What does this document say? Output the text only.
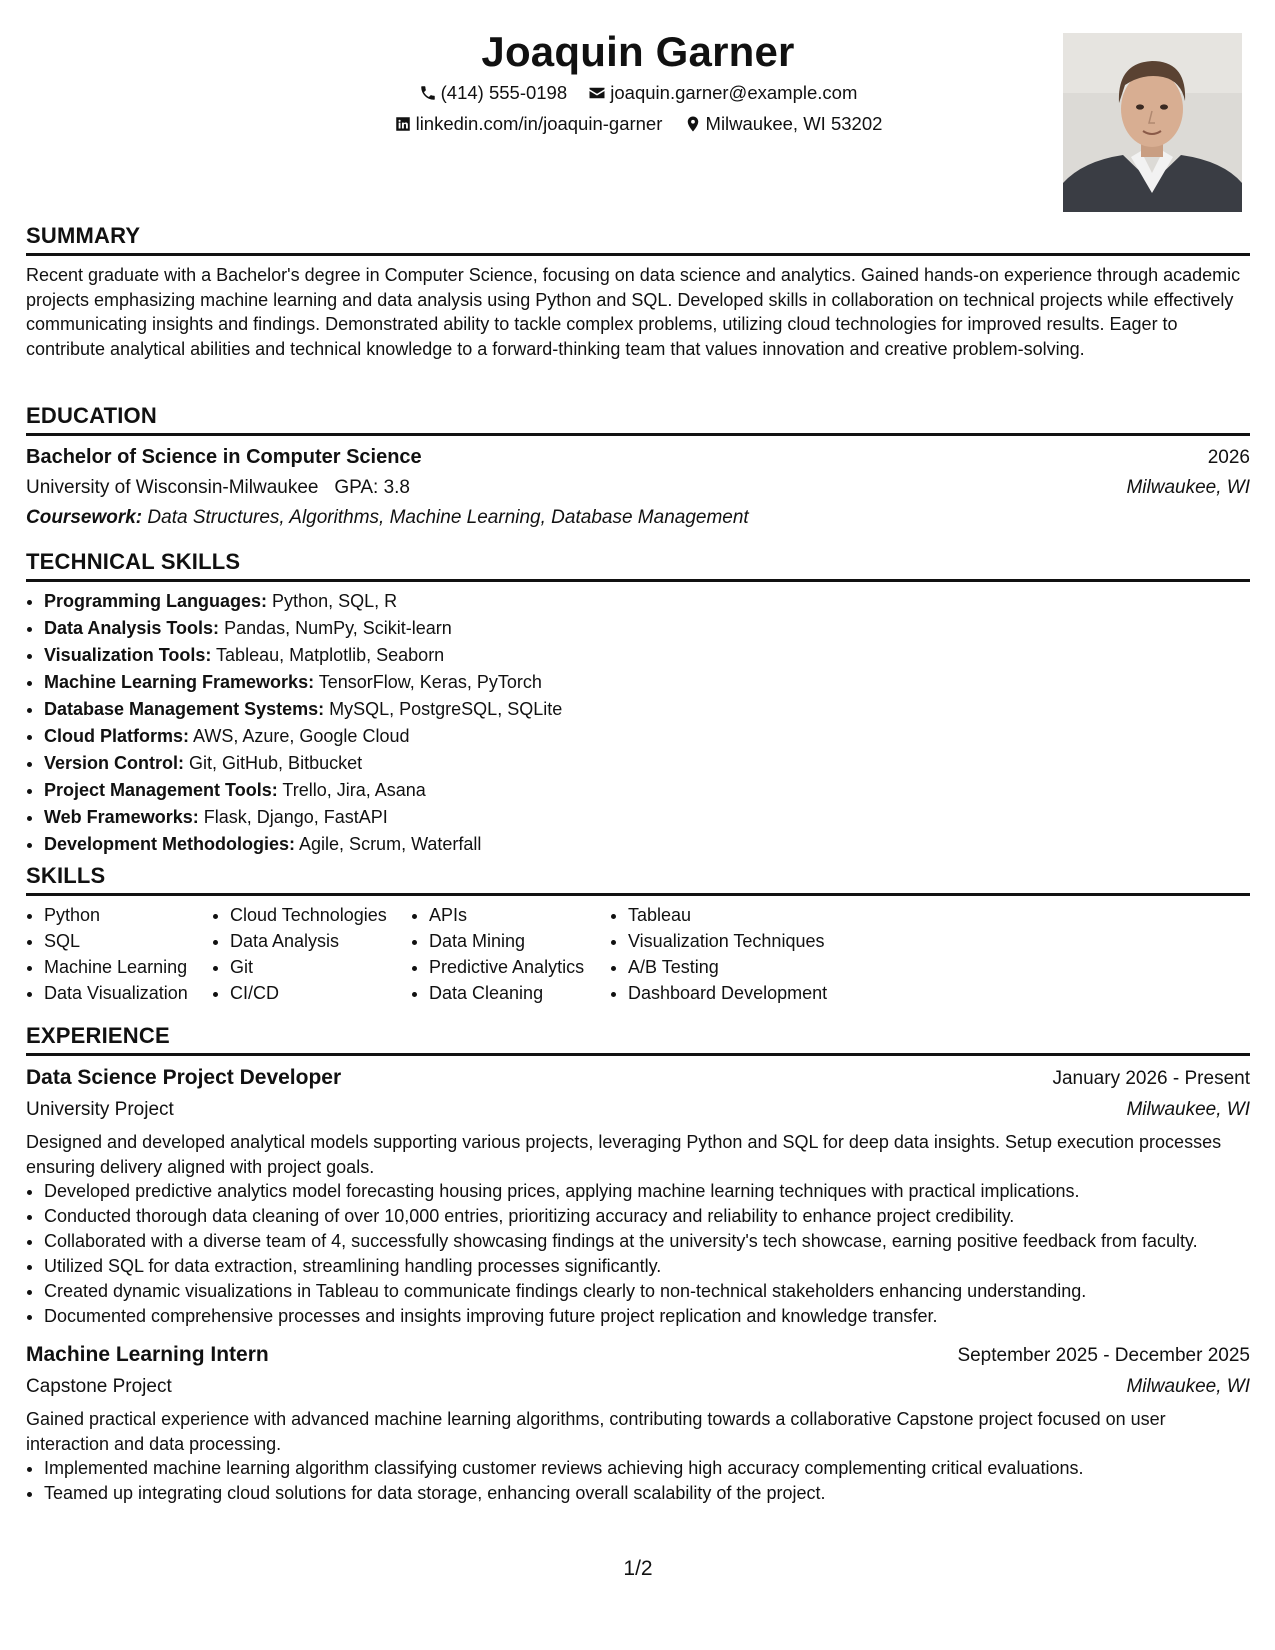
Joaquin Garner
(414) 555-0198
joaquin.garner@example.com
linkedin.com/in/joaquin-garner
Milwaukee, WI 53202
SUMMARY

Recent graduate with a Bachelor's degree in Computer Science, focusing on data science and analytics. Gained hands-on experience through academic projects emphasizing machine learning and data analysis using Python and SQL. Developed skills in collaboration on technical projects while effectively communicating insights and findings. Demonstrated ability to tackle complex problems, utilizing cloud technologies for improved results. Eager to contribute analytical abilities and technical knowledge to a forward-thinking team that values innovation and creative problem-solving.

EDUCATION
Bachelor of Science in Computer Science	2026
University of Wisconsin-Milwaukee GPA: 3.8	Milwaukee, WI
Coursework: Data Structures, Algorithms, Machine Learning, Database Management
TECHNICAL SKILLS
• Programming Languages: Python, SQL, R
• Data Analysis Tools: Pandas, NumPy, Scikit-learn
• Visualization Tools: Tableau, Matplotlib, Seaborn
• Machine Learning Frameworks: TensorFlow, Keras, PyTorch
• Database Management Systems: MySQL, PostgreSQL, SQLite
• Cloud Platforms: AWS, Azure, Google Cloud
• Version Control: Git, GitHub, Bitbucket
• Project Management Tools: Trello, Jira, Asana
• Web Frameworks: Flask, Django, FastAPI
• Development Methodologies: Agile, Scrum, Waterfall
SKILLS
• Python
• SQL
• Machine Learning
• Data Visualization
• Cloud Technologies
• Data Analysis
• Git
• CI/CD
• APIs
• Data Mining
• Predictive Analytics
• Data Cleaning
• Tableau
• Visualization Techniques
• A/B Testing
• Dashboard Development
EXPERIENCE
Data Science Project Developer	January 2026 - Present
University Project	Milwaukee, WI

Designed and developed analytical models supporting various projects, leveraging Python and SQL for deep data insights. Setup execution processes ensuring delivery aligned with project goals.

• Developed predictive analytics model forecasting housing prices, applying machine learning techniques with practical implications.
• Conducted thorough data cleaning of over 10,000 entries, prioritizing accuracy and reliability to enhance project credibility.
• Collaborated with a diverse team of 4, successfully showcasing findings at the university's tech showcase, earning positive feedback from faculty.
• Utilized SQL for data extraction, streamlining handling processes significantly.
• Created dynamic visualizations in Tableau to communicate findings clearly to non-technical stakeholders enhancing understanding.
• Documented comprehensive processes and insights improving future project replication and knowledge transfer.
Machine Learning Intern	September 2025 - December 2025
Capstone Project	Milwaukee, WI

Gained practical experience with advanced machine learning algorithms, contributing towards a collaborative Capstone project focused on user interaction and data processing.

• Implemented machine learning algorithm classifying customer reviews achieving high accuracy complementing critical evaluations.
• Teamed up integrating cloud solutions for data storage, enhancing overall scalability of the project.
1/2
